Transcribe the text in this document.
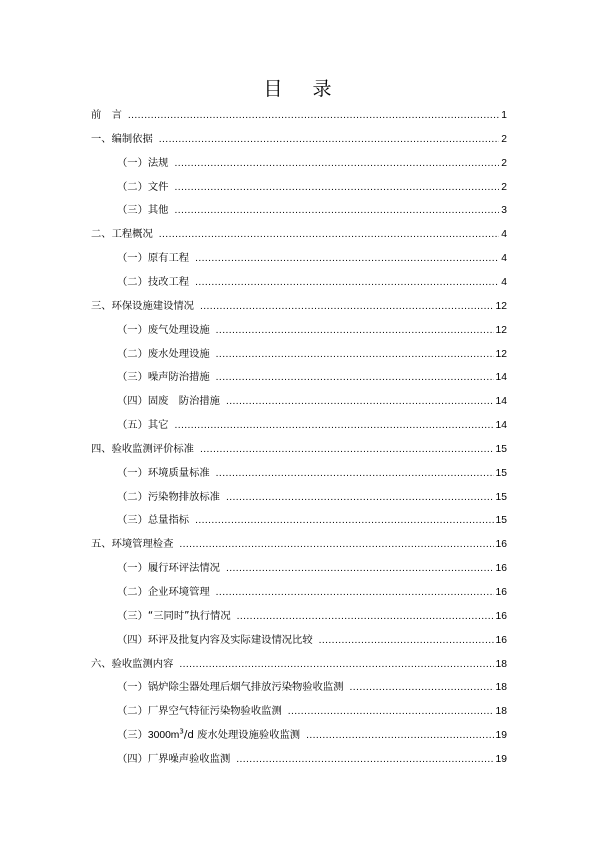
目 录
前　言 .....	1
一、编制依据 .....	2
（一）法规 .....	2
（二）文件 .....	2
（三）其他 .....	3
二、工程概况 .....	4
（一）原有工程 .....	4
（二）技改工程 .....	4
三、环保设施建设情况 .....	12
（一）废气处理设施 .....	12
（二）废水处理设施 .....	12
（三）噪声防治措施 .....	14
（四）固废　防治措施 .....	14
（五）其它 .....	14
四、验收监测评价标准 .....	15
（一）环境质量标准 .....	15
（二）污染物排放标准 .....	15
（三）总量指标 .....	15
五、环境管理检查 .....	16
（一）履行环评法情况 .....	16
（二）企业环境管理 .....	16
（三）“三同时”执行情况 .....	16
（四）环评及批复内容及实际建设情况比较 .....	16
六、验收监测内容 .....	18
（一）锅炉除尘器处理后烟气排放污染物验收监测 .....	18
（二）厂界空气特征污染物验收监测 .....	18
（三）$3000m^3/d$ 废水处理设施验收监测 .....	19
（四）厂界噪声验收监测 .....	19
